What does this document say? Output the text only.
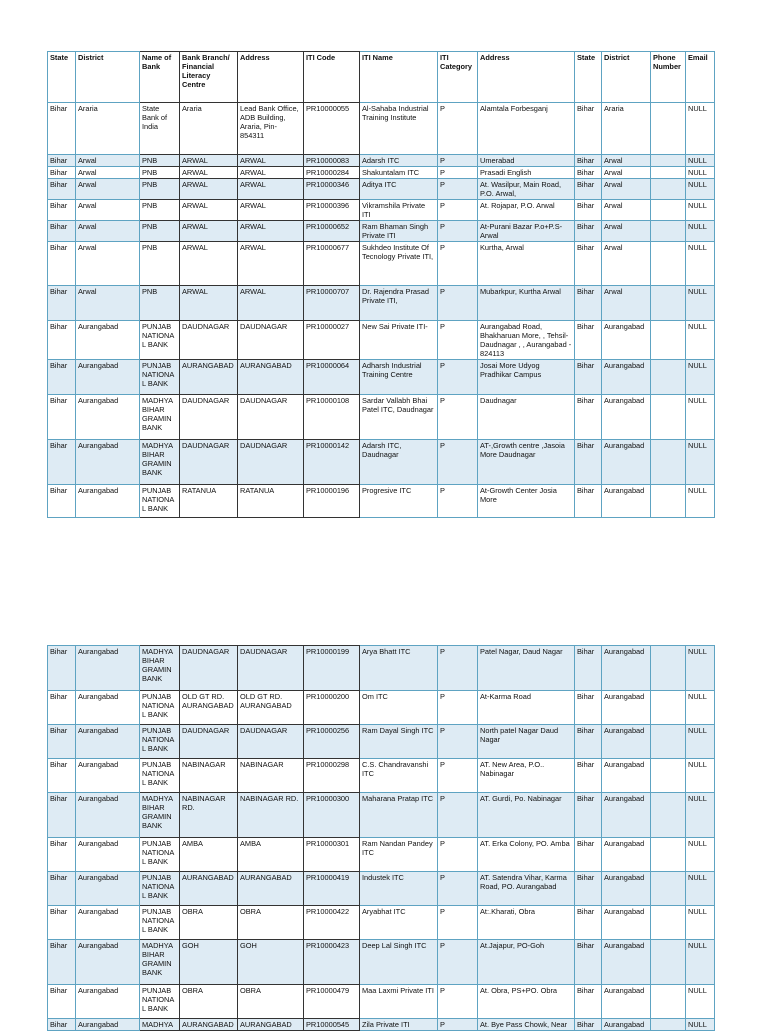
State	District	Name of Bank	Bank Branch/ Financial Literacy Centre	Address	ITI Code	ITI Name	ITI Category	Address	State	District	Phone Number	Email
Bihar	Araria	State Bank of India	Araria	Lead Bank Office, ADB Building, Araria, Pin- 854311	PR10000055	Al-Sahaba Industrial Training Institute	P	Alamtala Forbesganj	Bihar	Araria		NULL
Bihar	Arwal	PNB	ARWAL	ARWAL	PR10000083	Adarsh ITC	P	Umerabad	Bihar	Arwal		NULL
Bihar	Arwal	PNB	ARWAL	ARWAL	PR10000284	Shakuntalam ITC	P	Prasadi English	Bihar	Arwal		NULL
Bihar	Arwal	PNB	ARWAL	ARWAL	PR10000346	Aditya ITC	P	At. Wasilpur, Main Road, P.O. Arwal,	Bihar	Arwal		NULL
Bihar	Arwal	PNB	ARWAL	ARWAL	PR10000396	Vikramshila Private ITI	P	At. Rojapar, P.O. Arwal	Bihar	Arwal		NULL
Bihar	Arwal	PNB	ARWAL	ARWAL	PR10000652	Ram Bhaman Singh Private ITI	P	At-Purani Bazar P.o+P.S- Arwal	Bihar	Arwal		NULL
Bihar	Arwal	PNB	ARWAL	ARWAL	PR10000677	Sukhdeo Institute Of Tecnology Private ITI,	P	Kurtha, Arwal	Bihar	Arwal		NULL
Bihar	Arwal	PNB	ARWAL	ARWAL	PR10000707	Dr. Rajendra Prasad Private ITI,	P	Mubarkpur, Kurtha Arwal	Bihar	Arwal		NULL
Bihar	Aurangabad	PUNJAB NATIONA L BANK	DAUDNAGAR	DAUDNAGAR	PR10000027	New Sai Private ITI-	P	Aurangabad Road, Bhakharuan More, , Tehsil-Daudnagar , , Aurangabad - 824113	Bihar	Aurangabad		NULL
Bihar	Aurangabad	PUNJAB NATIONA L BANK	AURANGABAD	AURANGABAD	PR10000064	Adharsh Industrial Training Centre	P	Josai More Udyog Pradhikar Campus	Bihar	Aurangabad		NULL
Bihar	Aurangabad	MADHYA BIHAR GRAMIN BANK	DAUDNAGAR	DAUDNAGAR	PR10000108	Sardar Vallabh Bhai Patel ITC, Daudnagar	P	Daudnagar	Bihar	Aurangabad		NULL
Bihar	Aurangabad	MADHYA BIHAR GRAMIN BANK	DAUDNAGAR	DAUDNAGAR	PR10000142	Adarsh ITC, Daudnagar	P	AT-,Growth centre ,Jasoia More Daudnagar	Bihar	Aurangabad		NULL
Bihar	Aurangabad	PUNJAB NATIONA L BANK	RATANUA	RATANUA	PR10000196	Progresive ITC	P	At-Growth Center Josia More	Bihar	Aurangabad		NULL
Bihar	Aurangabad	MADHYA BIHAR GRAMIN BANK	DAUDNAGAR	DAUDNAGAR	PR10000199	Arya Bhatt ITC	P	Patel Nagar, Daud Nagar	Bihar	Aurangabad		NULL
Bihar	Aurangabad	PUNJAB NATIONA L BANK	OLD GT RD. AURANGABAD	OLD GT RD. AURANGABAD	PR10000200	Om ITC	P	At-Karma Road	Bihar	Aurangabad		NULL
Bihar	Aurangabad	PUNJAB NATIONA L BANK	DAUDNAGAR	DAUDNAGAR	PR10000256	Ram Dayal Singh ITC	P	North patel Nagar Daud Nagar	Bihar	Aurangabad		NULL
Bihar	Aurangabad	PUNJAB NATIONA L BANK	NABINAGAR	NABINAGAR	PR10000298	C.S. Chandravanshi ITC	P	AT. New Area, P.O.. Nabinagar	Bihar	Aurangabad		NULL
Bihar	Aurangabad	MADHYA BIHAR GRAMIN BANK	NABINAGAR RD.	NABINAGAR RD.	PR10000300	Maharana Pratap ITC	P	AT. Gurdi, Po. Nabinagar	Bihar	Aurangabad		NULL
Bihar	Aurangabad	PUNJAB NATIONA L BANK	AMBA	AMBA	PR10000301	Ram Nandan Pandey ITC	P	AT. Erka Colony, PO. Amba	Bihar	Aurangabad		NULL
Bihar	Aurangabad	PUNJAB NATIONA L BANK	AURANGABAD	AURANGABAD	PR10000419	Industek ITC	P	AT. Satendra Vihar, Karma Road, PO. Aurangabad	Bihar	Aurangabad		NULL
Bihar	Aurangabad	PUNJAB NATIONA L BANK	OBRA	OBRA	PR10000422	Aryabhat ITC	P	At:.Kharati, Obra	Bihar	Aurangabad		NULL
Bihar	Aurangabad	MADHYA BIHAR GRAMIN BANK	GOH	GOH	PR10000423	Deep Lal Singh ITC	P	At.Jajapur, PO-Goh	Bihar	Aurangabad		NULL
Bihar	Aurangabad	PUNJAB NATIONA L BANK	OBRA	OBRA	PR10000479	Maa Laxmi Private ITI	P	At. Obra, PS+PO. Obra	Bihar	Aurangabad		NULL
Bihar	Aurangabad	MADHYA	AURANGABAD	AURANGABAD	PR10000545	Zila Private ITI	P	At. Bye Pass Chowk, Near	Bihar	Aurangabad		NULL
